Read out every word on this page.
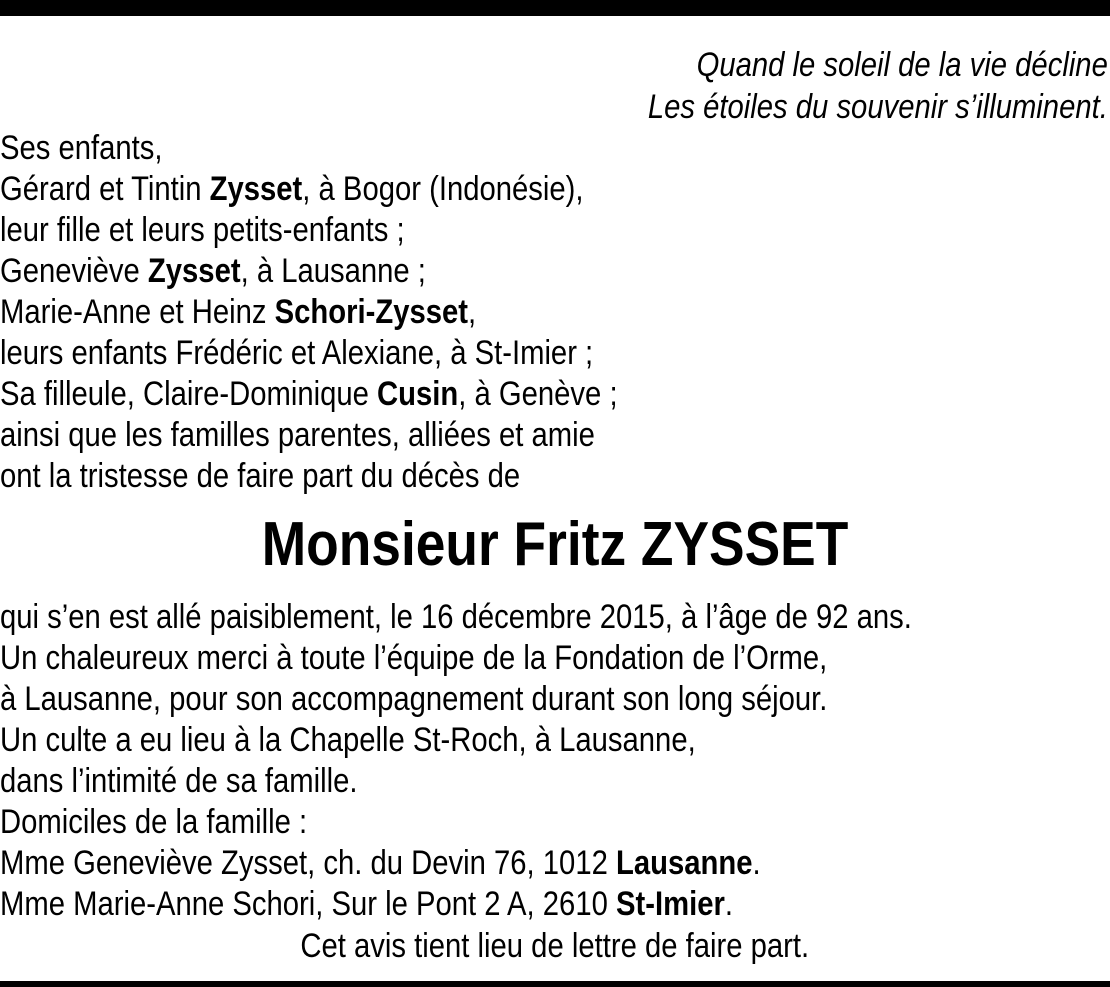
Quand le soleil de la vie décline
Les étoiles du souvenir s’illuminent.
Ses enfants,
Gérard et Tintin Zysset, à Bogor (Indonésie),
leur fille et leurs petits-enfants ;
Geneviève Zysset, à Lausanne ;
Marie-Anne et Heinz Schori-Zysset,
leurs enfants Frédéric et Alexiane, à St-Imier ;
Sa filleule, Claire-Dominique Cusin, à Genève ;
ainsi que les familles parentes, alliées et amie
ont la tristesse de faire part du décès de
Monsieur Fritz ZYSSET
qui s’en est allé paisiblement, le 16 décembre 2015, à l’âge de 92 ans.
Un chaleureux merci à toute l’équipe de la Fondation de l’Orme,
à Lausanne, pour son accompagnement durant son long séjour.
Un culte a eu lieu à la Chapelle St-Roch, à Lausanne,
dans l’intimité de sa famille.
Domiciles de la famille :
Mme Geneviève Zysset, ch. du Devin 76, 1012 Lausanne.
Mme Marie-Anne Schori, Sur le Pont 2 A, 2610 St-Imier.
Cet avis tient lieu de lettre de faire part.
